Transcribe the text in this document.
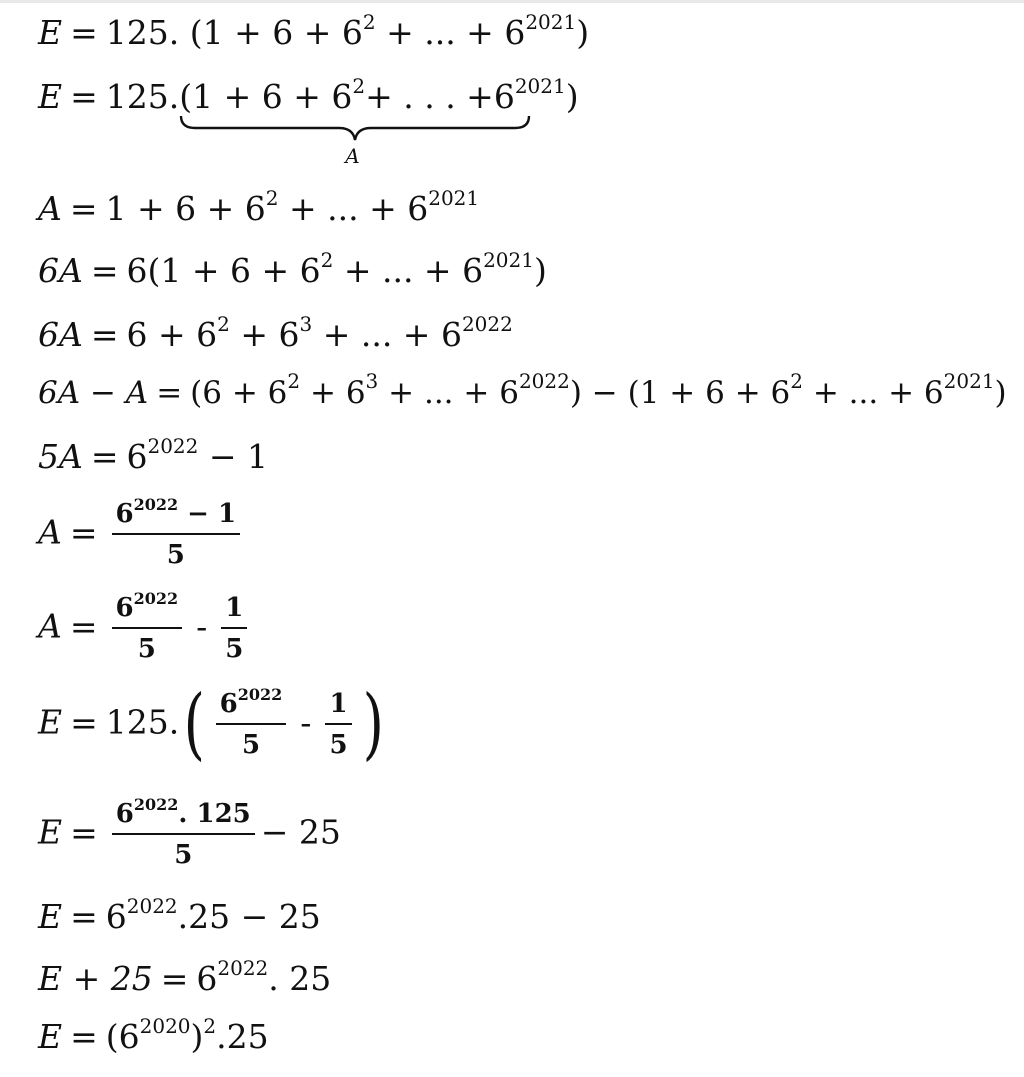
E = 125. ($1 + 6 + 6^2$ + ... + $6^{2021}$)
$E = 125.(1 + 6 + 6^2+$ . . . $+6^{2021}$)
A
$A = 1 + 6 + 6^2$ + ... + $6^{2021}$
$6A = 6(1 + 6 + 6^2$ + ... + $6^{2021}$)
$6A = 6 + 6^2 + 6^3$ + ... + $6^{2022}$
$6A - A = (6 + 6^2 + 6^3$ + ... + $6^{2022}) - (1 + 6 + 6^2$ + ... + $6^{2021}$)
$5A = 6^{2022} - 1$
$A = \frac{6^{2022} - 1}{5}$
$A = \frac{6^{2022}}{5} - \frac{1}{5}$
$E = 125.( \frac{6^{2022}}{5} - \frac{1}{5}$ )
$E = \frac{6^{2022}. 125}{5} - 25$
$E = 6^{2022}.25 - 25$
$E + 25 = 6^{2022}$. 25
$E = (6^{2020})^2.25$
